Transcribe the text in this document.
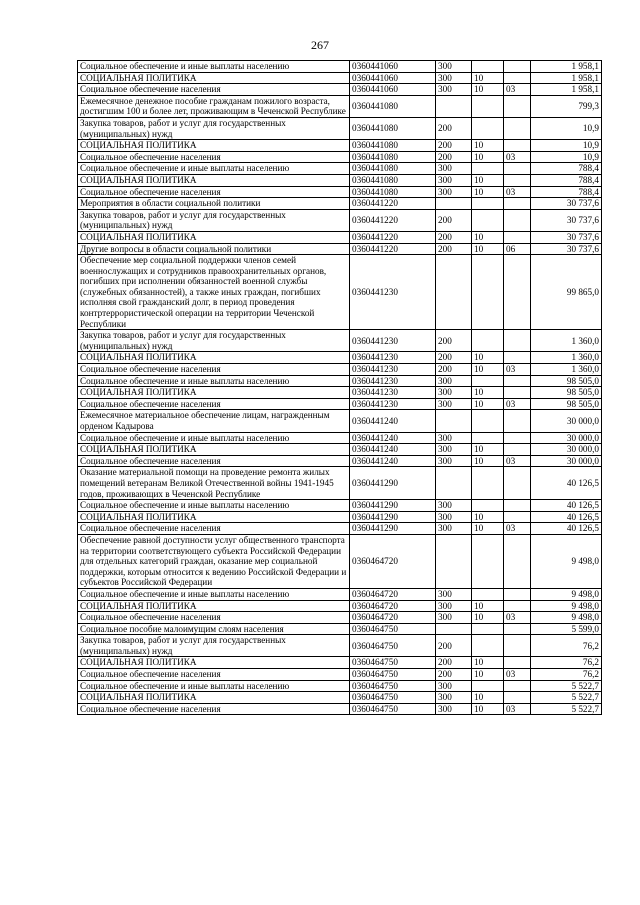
267
Социальное обеспечение и иные выплаты населению	0360441060	300			1 958,1
СОЦИАЛЬНАЯ ПОЛИТИКА	0360441060	300	10		1 958,1
Социальное обеспечение населения	0360441060	300	10	03	1 958,1
Ежемесячное денежное пособие гражданам пожилого возраста, достигшим 100 и более лет, проживающим в Чеченской Республике	0360441080				799,3
Закупка товаров, работ и услуг для государственных (муниципальных) нужд	0360441080	200			10,9
СОЦИАЛЬНАЯ ПОЛИТИКА	0360441080	200	10		10,9
Социальное обеспечение населения	0360441080	200	10	03	10,9
Социальное обеспечение и иные выплаты населению	0360441080	300			788,4
СОЦИАЛЬНАЯ ПОЛИТИКА	0360441080	300	10		788,4
Социальное обеспечение населения	0360441080	300	10	03	788,4
Мероприятия в области социальной политики	0360441220				30 737,6
Закупка товаров, работ и услуг для государственных (муниципальных) нужд	0360441220	200			30 737,6
СОЦИАЛЬНАЯ ПОЛИТИКА	0360441220	200	10		30 737,6
Другие вопросы в области социальной политики	0360441220	200	10	06	30 737,6
Обеспечение мер социальной поддержки членов семей военнослужащих и сотрудников правоохранительных органов, погибших при исполнении обязанностей военной службы (служебных обязанностей), а также иных граждан, погибших исполняя свой гражданский долг, в период проведения контртеррористической операции на территории Чеченской Республики	0360441230				99 865,0
Закупка товаров, работ и услуг для государственных (муниципальных) нужд	0360441230	200			1 360,0
СОЦИАЛЬНАЯ ПОЛИТИКА	0360441230	200	10		1 360,0
Социальное обеспечение населения	0360441230	200	10	03	1 360,0
Социальное обеспечение и иные выплаты населению	0360441230	300			98 505,0
СОЦИАЛЬНАЯ ПОЛИТИКА	0360441230	300	10		98 505,0
Социальное обеспечение населения	0360441230	300	10	03	98 505,0
Ежемесячное материальное обеспечение лицам, награжденным орденом Кадырова	0360441240				30 000,0
Социальное обеспечение и иные выплаты населению	0360441240	300			30 000,0
СОЦИАЛЬНАЯ ПОЛИТИКА	0360441240	300	10		30 000,0
Социальное обеспечение населения	0360441240	300	10	03	30 000,0
Оказание материальной помощи на проведение ремонта жилых помещений ветеранам Великой Отечественной войны 1941-1945 годов, проживающих в Чеченской Республике	0360441290				40 126,5
Социальное обеспечение и иные выплаты населению	0360441290	300			40 126,5
СОЦИАЛЬНАЯ ПОЛИТИКА	0360441290	300	10		40 126,5
Социальное обеспечение населения	0360441290	300	10	03	40 126,5
Обеспечение равной доступности услуг общественного транспорта на территории соответствующего субъекта Российской Федерации для отдельных категорий граждан, оказание мер социальной поддержки, которым относится к ведению Российской Федерации и субъектов Российской Федерации	0360464720				9 498,0
Социальное обеспечение и иные выплаты населению	0360464720	300			9 498,0
СОЦИАЛЬНАЯ ПОЛИТИКА	0360464720	300	10		9 498,0
Социальное обеспечение населения	0360464720	300	10	03	9 498,0
Социальное пособие малоимущим слоям населения	0360464750				5 599,0
Закупка товаров, работ и услуг для государственных (муниципальных) нужд	0360464750	200			76,2
СОЦИАЛЬНАЯ ПОЛИТИКА	0360464750	200	10		76,2
Социальное обеспечение населения	0360464750	200	10	03	76,2
Социальное обеспечение и иные выплаты населению	0360464750	300			5 522,7
СОЦИАЛЬНАЯ ПОЛИТИКА	0360464750	300	10		5 522,7
Социальное обеспечение населения	0360464750	300	10	03	5 522,7
